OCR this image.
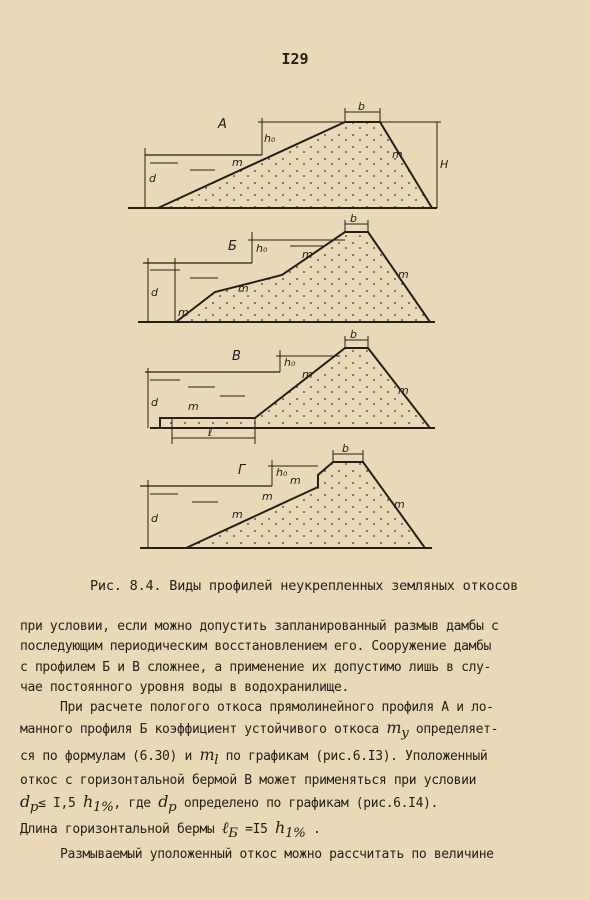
I29
А
b
h₀
d
m	H
m
Б
b
h₀
d
m
m
m
m
В
b
h₀
d
m
m
m
ℓ
Г
b
h₀
d
m
m
m
m
Рис. 8.4. Виды профилей неукрепленных земляных откосов
при условии, если можно допустить запланированный размыв дамбы с
последующим периодическим восстановлением его. Сооружение дамбы
с профилем Б и В сложнее, а применение их допустимо лишь в слу-
чае постоянного уровня воды в водохранилище.
При расчете пологого откоса прямолинейного профиля А и ло-
манного профиля Б коэффициент устойчивого откоса $m_y$ определяет-
ся по формулам (6.30) и $m_l$ по графикам (рис.6.I3). Уположенный
откос с горизонтальной бермой В может применяться при условии
$d_p\le I,5$ $h_{1\%}$, где $d_p$ определено по графикам (рис.6.I4).
Длина горизонтальной бермы ℓ$_Б$ =I5 $h_{1\%}$ .
Размываемый уположенный откос можно рассчитать по величине
